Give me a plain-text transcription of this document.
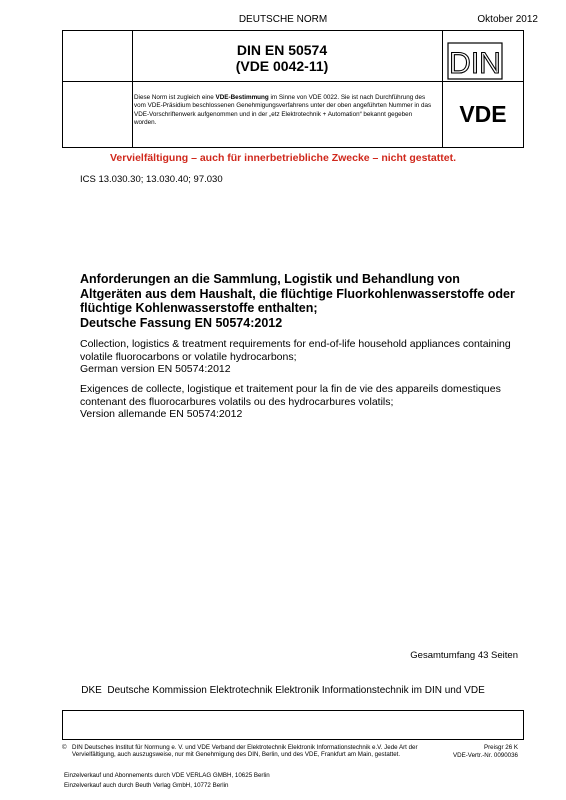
DEUTSCHE NORM	Oktober 2012
DIN EN 50574
(VDE 0042-11)	DIN
Diese Norm ist zugleich eine VDE-Bestimmung im Sinne von VDE 0022. Sie ist nach Durchführung des vom VDE-Präsidium beschlossenen Genehmigungsverfahrens unter der oben angeführten Nummer in das VDE-Vorschriftenwerk aufgenommen und in der „etz Elektrotechnik + Automation“ bekannt gegeben worden.	VDE
Vervielfältigung – auch für innerbetriebliche Zwecke – nicht gestattet.
ICS 13.030.30; 13.030.40; 97.030
Anforderungen an die Sammlung, Logistik und Behandlung von Altgeräten aus dem Haushalt, die flüchtige Fluorkohlenwasserstoffe oder flüchtige Kohlenwasserstoffe enthalten;
Deutsche Fassung EN 50574:2012
Collection, logistics & treatment requirements for end-of-life household appliances containing volatile fluorocarbons or volatile hydrocarbons;
German version EN 50574:2012
Exigences de collecte, logistique et traitement pour la fin de vie des appareils domestiques contenant des fluorocarbures volatils ou des hydrocarbures volatils;
Version allemande EN 50574:2012
Gesamtumfang 43 Seiten
DKE  Deutsche Kommission Elektrotechnik Elektronik Informationstechnik im DIN und VDE
© DIN Deutsches Institut für Normung e. V. und VDE Verband der Elektrotechnik Elektronik Informationstechnik e.V. Jede Art der Vervielfältigung, auch auszugsweise, nur mit Genehmigung des DIN, Berlin, und des VDE, Frankfurt am Main, gestattet.
Preisgr 26 K
VDE-Vertr.-Nr. 0090036
Einzelverkauf und Abonnements durch VDE VERLAG GMBH, 10625 Berlin
Einzelverkauf auch durch Beuth Verlag GmbH, 10772 Berlin
